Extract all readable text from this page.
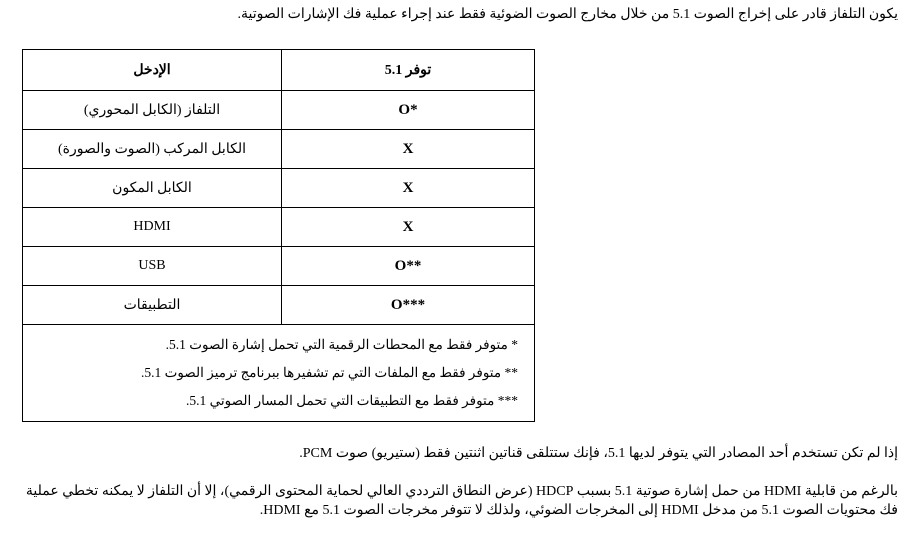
يكون التلفاز قادر على إخراج الصوت 5.1 من خلال مخارج الصوت الضوئية فقط عند إجراء عملية فك الإشارات الصوتية.
توفر 5.1	الإدخل
O*	التلفاز (الكابل المحوري)
X	الكابل المركب (الصوت والصورة)
X	الكابل المكون
X	HDMI
O**	USB
O***	التطبيقات

* متوفر فقط مع المحطات الرقمية التي تحمل إشارة الصوت 5.1.
** متوفر فقط مع الملفات التي تم تشفيرها ببرنامج ترميز الصوت 5.1.
*** متوفر فقط مع التطبيقات التي تحمل المسار الصوتي 5.1.	
إذا لم تكن تستخدم أحد المصادر التي يتوفر لديها 5.1، فإنك ستتلقى قناتين اثنتين فقط (ستيريو) صوت PCM.
بالرغم من قابلية HDMI من حمل إشارة صوتية 5.1 بسبب HDCP (عرض النطاق الترددي العالي لحماية المحتوى الرقمي)، إلا أن التلفاز لا يمكنه تخطي عملية فك محتويات الصوت 5.1 من مدخل HDMI إلى المخرجات الضوئي، ولذلك لا تتوفر مخرجات الصوت 5.1 مع HDMI.
